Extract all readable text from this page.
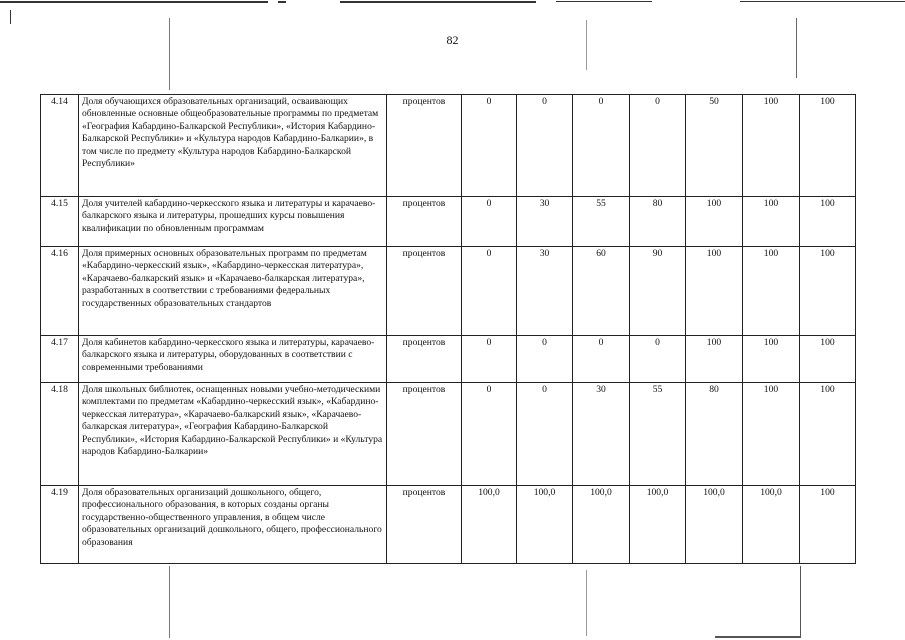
82
4.14	Доля обучающихся образовательных организаций, осваивающих обновленные основные общеобразовательные программы по предметам «География Кабардино-Балкарской Республики», «История Кабардино-Балкарской Республики» и «Культура народов Кабардино-Балкарии», в том числе по предмету «Культура народов Кабардино-Балкарской Республики»	процентов	0	0	0	0	50	100	100
4.15	Доля учителей кабардино-черкесского языка и литературы и карачаево-балкарского языка и литературы, прошедших курсы повышения квалификации по обновленным программам	процентов	0	30	55	80	100	100	100
4.16	Доля примерных основных образовательных программ по предметам «Кабардино-черкесский язык», «Кабардино-черкесская литература», «Карачаево-балкарский язык» и «Карачаево-балкарская литература», разработанных в соответствии с требованиями федеральных государственных образовательных стандартов	процентов	0	30	60	90	100	100	100
4.17	Доля кабинетов кабардино-черкесского языка и литературы, карачаево-балкарского языка и литературы, оборудованных в соответствии с современными требованиями	процентов	0	0	0	0	100	100	100
4.18	Доля школьных библиотек, оснащенных новыми учебно-методическими комплектами по предметам «Кабардино-черкесский язык», «Кабардино-черкесская литература», «Карачаево-балкарский язык», «Карачаево-балкарская литература», «География Кабардино-Балкарской Республики», «История Кабардино-Балкарской Республики» и «Культура народов Кабардино-Балкарии»	процентов	0	0	30	55	80	100	100
4.19	Доля образовательных организаций дошкольного, общего, профессионального образования, в которых созданы органы государственно-общественного управления, в общем числе образовательных организаций дошкольного, общего, профессионального образования	процентов	100,0	100,0	100,0	100,0	100,0	100,0	100
